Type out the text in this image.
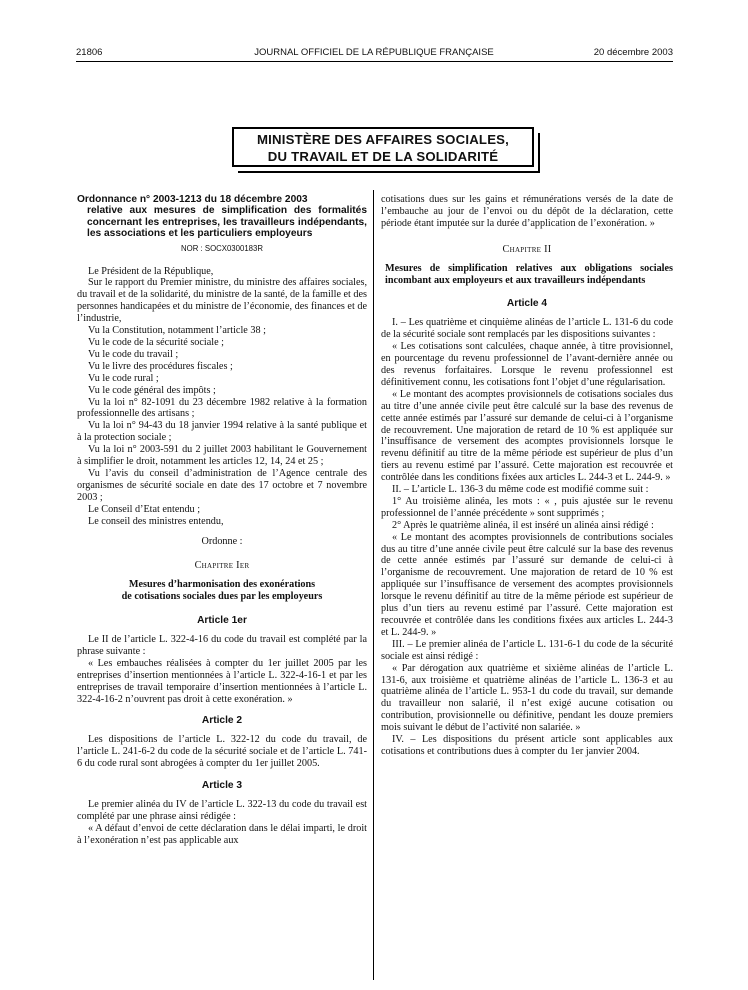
21806	JOURNAL OFFICIEL DE LA RÉPUBLIQUE FRANÇAISE	20 décembre 2003
MINISTÈRE DES AFFAIRES SOCIALES,
DU TRAVAIL ET DE LA SOLIDARITÉ
Ordonnance n° 2003-1213 du 18 décembre 2003
relative aux mesures de simplification des formalités concernant les entreprises, les travailleurs indépendants, les associations et les particuliers employeurs
NOR : SOCX0300183R

Le Président de la République,

Sur le rapport du Premier ministre, du ministre des affaires sociales, du travail et de la solidarité, du ministre de la santé, de la famille et des personnes handicapées et du ministre de l’économie, des finances et de l’industrie,

Vu la Constitution, notamment l’article 38 ;

Vu le code de la sécurité sociale ;

Vu le code du travail ;

Vu le livre des procédures fiscales ;

Vu le code rural ;

Vu le code général des impôts ;

Vu la loi n° 82-1091 du 23 décembre 1982 relative à la formation professionnelle des artisans ;

Vu la loi n° 94-43 du 18 janvier 1994 relative à la santé publique et à la protection sociale ;

Vu la loi n° 2003-591 du 2 juillet 2003 habilitant le Gouvernement à simplifier le droit, notamment les articles 12, 14, 24 et 25 ;

Vu l’avis du conseil d’administration de l’Agence centrale des organismes de sécurité sociale en date des 17 octobre et 7 novembre 2003 ;

Le Conseil d’Etat entendu ;

Le conseil des ministres entendu,

Ordonne :

Chapitre Ier
Mesures d’harmonisation des exonérations
de cotisations sociales dues par les employeurs
Article 1er

Le II de l’article L. 322-4-16 du code du travail est complété par la phrase suivante :

« Les embauches réalisées à compter du 1er juillet 2005 par les entreprises d’insertion mentionnées à l’article L. 322-4-16-1 et par les entreprises de travail temporaire d’insertion mentionnées à l’article L. 322-4-16-2 n’ouvrent pas droit à cette exonération. »

Article 2

Les dispositions de l’article L. 322-12 du code du travail, de l’article L. 241-6-2 du code de la sécurité sociale et de l’article L. 741-6 du code rural sont abrogées à compter du 1er juillet 2005.

Article 3

Le premier alinéa du IV de l’article L. 322-13 du code du travail est complété par une phrase ainsi rédigée :

« A défaut d’envoi de cette déclaration dans le délai imparti, le droit à l’exonération n’est pas applicable aux

cotisations dues sur les gains et rémunérations versés de la date de l’embauche au jour de l’envoi ou du dépôt de la déclaration, cette période étant imputée sur la durée d’application de l’exonération. »

Chapitre II
Mesures de simplification relatives aux obligations sociales incombant aux employeurs et aux travailleurs indépendants
Article 4

I. – Les quatrième et cinquième alinéas de l’article L. 131-6 du code de la sécurité sociale sont remplacés par les dispositions suivantes :

« Les cotisations sont calculées, chaque année, à titre provisionnel, en pourcentage du revenu professionnel de l’avant-dernière année ou des revenus forfaitaires. Lorsque le revenu professionnel est définitivement connu, les cotisations font l’objet d’une régularisation.

« Le montant des acomptes provisionnels de cotisations sociales dus au titre d’une année civile peut être calculé sur la base des revenus de cette année estimés par l’assuré sur demande de celui-ci à l’organisme de recouvrement. Une majoration de retard de 10 % est appliquée sur l’insuffisance de versement des acomptes provisionnels lorsque le revenu définitif au titre de la même période est supérieur de plus d’un tiers au revenu estimé par l’assuré. Cette majoration est recouvrée et contrôlée dans les conditions fixées aux articles L. 244-3 et L. 244-9. »

II. – L’article L. 136-3 du même code est modifié comme suit :

1° Au troisième alinéa, les mots : « , puis ajustée sur le revenu professionnel de l’année précédente » sont supprimés ;

2° Après le quatrième alinéa, il est inséré un alinéa ainsi rédigé :

« Le montant des acomptes provisionnels de contributions sociales dus au titre d’une année civile peut être calculé sur la base des revenus de cette année estimés par l’assuré sur demande de celui-ci à l’organisme de recouvrement. Une majoration de retard de 10 % est appliquée sur l’insuffisance de versement des acomptes provisionnels lorsque le revenu définitif au titre de la même période est supérieur de plus d’un tiers au revenu estimé par l’assuré. Cette majoration est recouvrée et contrôlée dans les conditions fixées aux articles L. 244-3 et L. 244-9. »

III. – Le premier alinéa de l’article L. 131-6-1 du code de la sécurité sociale est ainsi rédigé :

« Par dérogation aux quatrième et sixième alinéas de l’article L. 131-6, aux troisième et quatrième alinéas de l’article L. 136-3 et au quatrième alinéa de l’article L. 953-1 du code du travail, sur demande du travailleur non salarié, il n’est exigé aucune cotisation ou contribution, provisionnelle ou définitive, pendant les douze premiers mois suivant le début de l’activité non salariée. »

IV. – Les dispositions du présent article sont applicables aux cotisations et contributions dues à compter du 1er janvier 2004.
